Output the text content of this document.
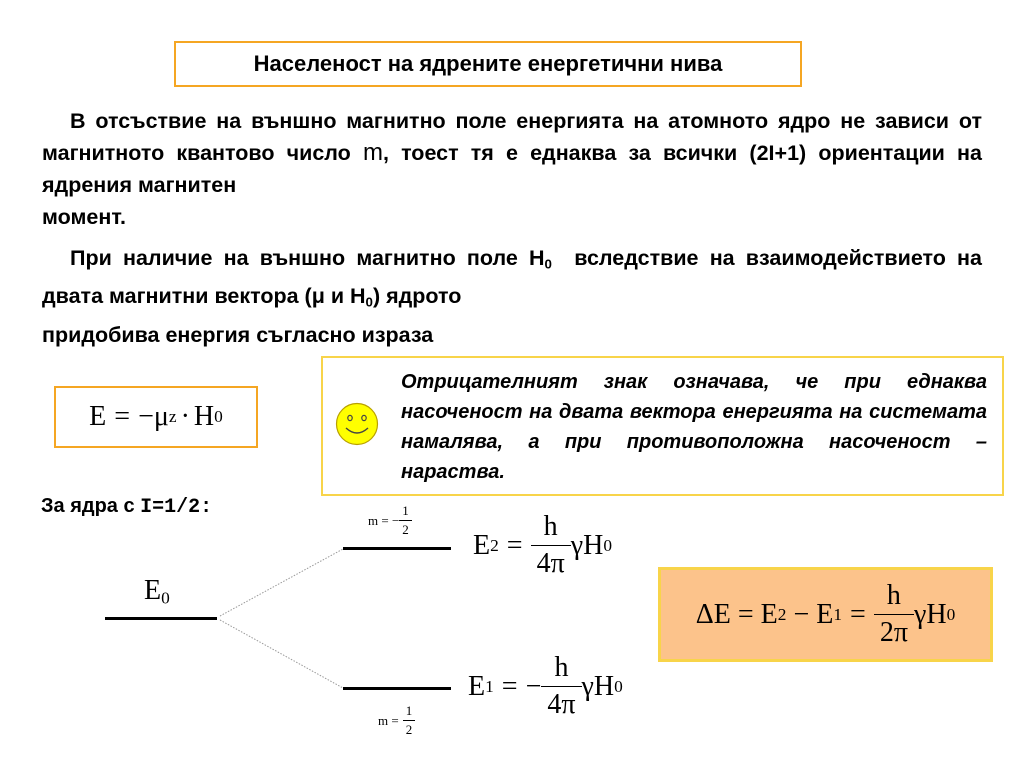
Населеност на ядрените енергетични нива
В отсъствие на външно магнитно поле енергията на атомното ядро не зависи от магнитното квантово число m, тоест тя е еднаква за всички (2I+1) ориентации на ядрения магнитен
момент.
При наличие на външно магнитно поле $H_0$  вследствие на взаимодействието на двата магнитни вектора (μ и $H_0$) ядрото
придобива енергия съгласно израза
E = −μ z · H 0
Отрицателният знак означава, че при еднаква насоченост на двата вектора енергията на системата намалява, а при противоположна насоченост – нараства.
За ядра с I=1/2:
$E_0$
m = − $\frac{1}{2}$
$m = \frac{1}{2}$
E $2 = \frac{h}{4\pi}$ γH 0
E 1 = − $\frac{h}{4\pi}$ γH 0
ΔE = E 2 − E $1 = \frac{h}{2\pi}$ γH 0
